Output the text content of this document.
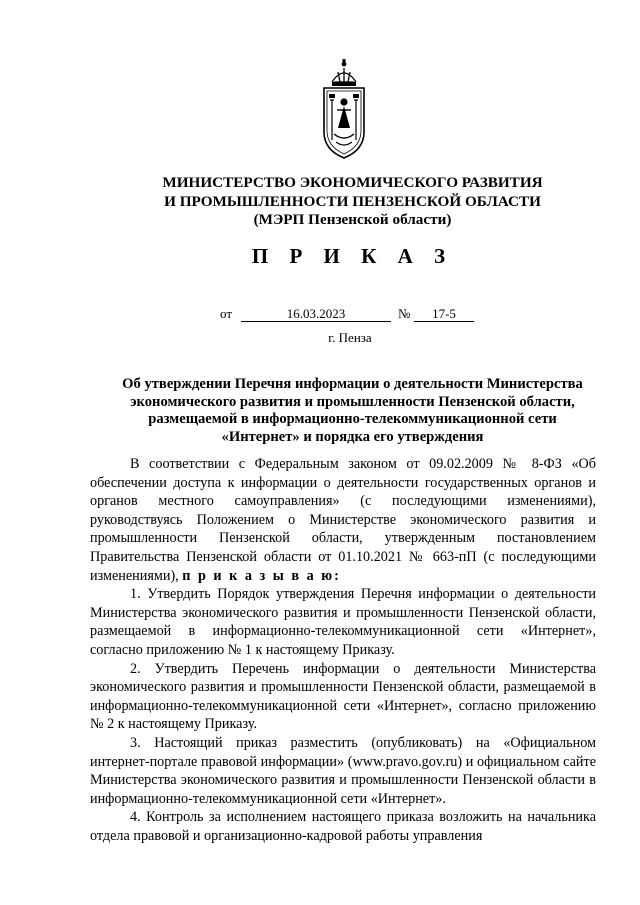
МИНИСТЕРСТВО ЭКОНОМИЧЕСКОГО РАЗВИТИЯ
И ПРОМЫШЛЕННОСТИ ПЕНЗЕНСКОЙ ОБЛАСТИ
(МЭРП Пензенской области)
П Р И К А З
от	16.03.2023	№	17-5
г. Пенза
Об утверждении Перечня информации о деятельности Министерства
экономического развития и промышленности Пензенской области,
размещаемой в информационно-телекоммуникационной сети
«Интернет» и порядка его утверждения

В соответствии с Федеральным законом от 09.02.2009 № 8-ФЗ «Об обеспечении доступа к информации о деятельности государственных органов и органов местного самоуправления» (с последующими изменениями), руководствуясь Положением о Министерстве экономического развития и промышленности Пензенской области, утвержденным постановлением Правительства Пензенской области от 01.10.2021 № 663-пП (с последующими изменениями), п р и к а з ы в а ю:

1. Утвердить Порядок утверждения Перечня информации о деятельности Министерства экономического развития и промышленности Пензенской области, размещаемой в информационно-телекоммуникационной сети «Интернет», согласно приложению № 1 к настоящему Приказу.

2. Утвердить Перечень информации о деятельности Министерства экономического развития и промышленности Пензенской области, размещаемой в информационно-телекоммуникационной сети «Интернет», согласно приложению № 2 к настоящему Приказу.

3. Настоящий приказ разместить (опубликовать) на «Официальном интернет-портале правовой информации» (www.pravo.gov.ru) и официальном сайте Министерства экономического развития и промышленности Пензенской области в информационно-телекоммуникационной сети «Интернет».

4. Контроль за исполнением настоящего приказа возложить на начальника отдела правовой и организационно-кадровой работы управления
